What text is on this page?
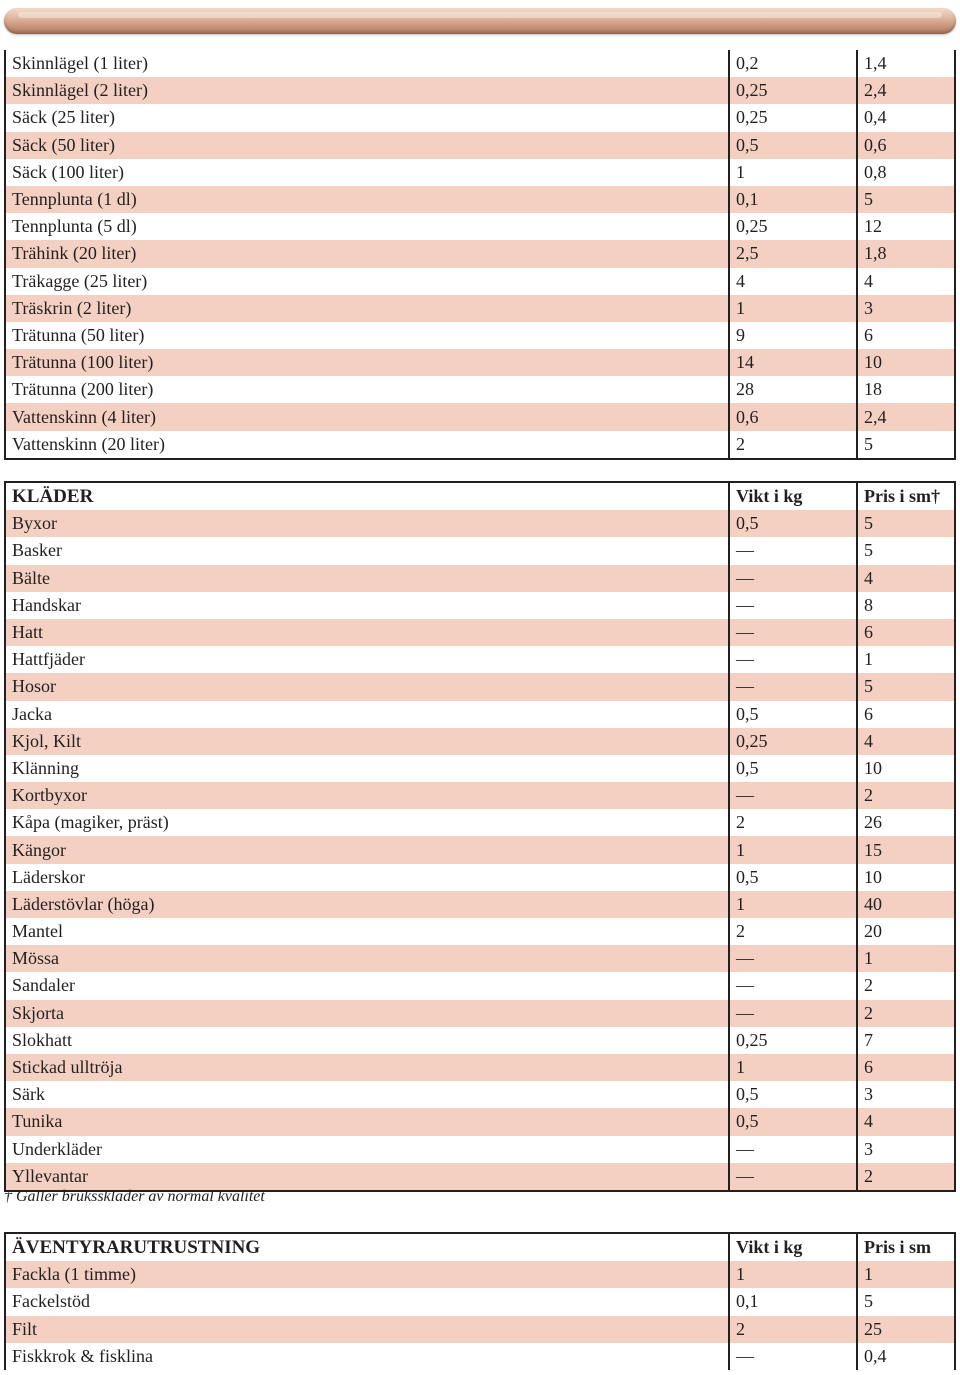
Skinnlägel (1 liter)	0,2	1,4
Skinnlägel (2 liter)	0,25	2,4
Säck (25 liter)	0,25	0,4
Säck (50 liter)	0,5	0,6
Säck (100 liter)	1	0,8
Tennplunta (1 dl)	0,1	5
Tennplunta (5 dl)	0,25	12
Trähink (20 liter)	2,5	1,8
Träkagge (25 liter)	4	4
Träskrin (2 liter)	1	3
Trätunna (50 liter)	9	6
Trätunna (100 liter)	14	10
Trätunna (200 liter)	28	18
Vattenskinn (4 liter)	0,6	2,4
Vattenskinn (20 liter)	2	5
KLÄDER	Vikt i kg	Pris i sm†
Byxor	0,5	5
Basker	—	5
Bälte	—	4
Handskar	—	8
Hatt	—	6
Hattfjäder	—	1
Hosor	—	5
Jacka	0,5	6
Kjol, Kilt	0,25	4
Klänning	0,5	10
Kortbyxor	—	2
Kåpa (magiker, präst)	2	26
Kängor	1	15
Läderskor	0,5	10
Läderstövlar (höga)	1	40
Mantel	2	20
Mössa	—	1
Sandaler	—	2
Skjorta	—	2
Slokhatt	0,25	7
Stickad ulltröja	1	6
Särk	0,5	3
Tunika	0,5	4
Underkläder	—	3
Yllevantar	—	2
† Gäller bruksskläder av normal kvalitet
ÄVENTYRARUTRUSTNING	Vikt i kg	Pris i sm
Fackla (1 timme)	1	1
Fackelstöd	0,1	5
Filt	2	25
Fiskkrok & fisklina	—	0,4
